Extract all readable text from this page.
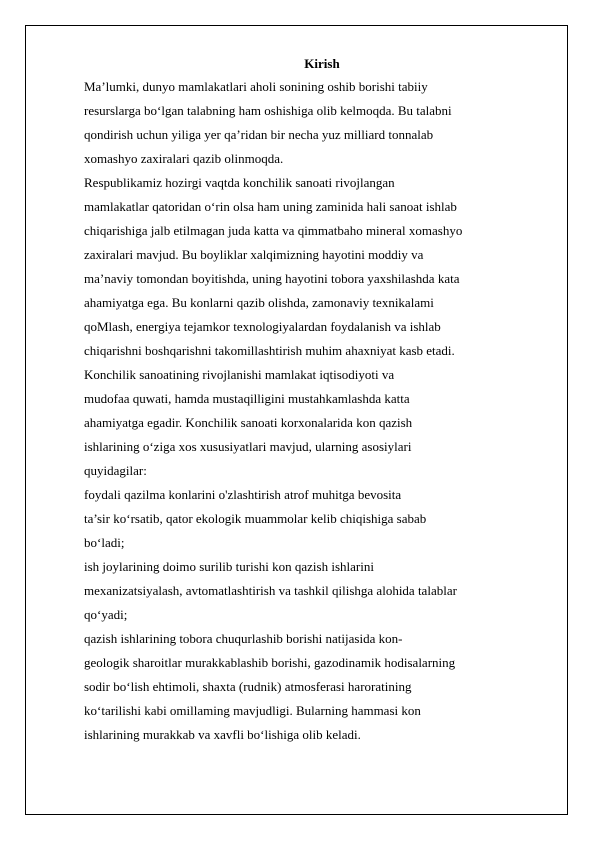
Kirish
Ma’lumki, dunyo mamlakatlari aholi sonining oshib borishi tabiiy
resurslarga bo‘lgan talabning ham oshishiga olib kelmoqda. Bu talabni
qondirish uchun yiliga yer qa’ridan bir necha yuz milliard tonnalab
xomashyo zaxiralari qazib olinmoqda.
Respublikamiz hozirgi vaqtda konchilik sanoati rivojlangan
mamlakatlar qatoridan o‘rin olsa ham uning zaminida hali sanoat ishlab
chiqarishiga jalb etilmagan juda katta va qimmatbaho mineral xomashyo
zaxiralari mavjud. Bu boyliklar xalqimizning hayotini moddiy va
ma’naviy tomondan boyitishda, uning hayotini tobora yaxshilashda kata
ahamiyatga ega. Bu konlarni qazib olishda, zamonaviy texnikalami
qoMlash, energiya tejamkor texnologiyalardan foydalanish va ishlab
chiqarishni boshqarishni takomillashtirish muhim ahaxniyat kasb etadi.
Konchilik sanoatining rivojlanishi mamlakat iqtisodiyoti va
mudofaa quwati, hamda mustaqilligini mustahkamlashda katta
ahamiyatga egadir. Konchilik sanoati korxonalarida kon qazish
ishlarining o‘ziga xos xususiyatlari mavjud, ularning asosiylari
quyidagilar:
foydali qazilma konlarini o'zlashtirish atrof muhitga bevosita
ta’sir ko‘rsatib, qator ekologik muammolar kelib chiqishiga sabab
bo‘ladi;
ish joylarining doimo surilib turishi kon qazish ishlarini
mexanizatsiyalash, avtomatlashtirish va tashkil qilishga alohida talablar
qo‘yadi;
qazish ishlarining tobora chuqurlashib borishi natijasida kon-
geologik sharoitlar murakkablashib borishi, gazodinamik hodisalarning
sodir bo‘lish ehtimoli, shaxta (rudnik) atmosferasi haroratining
ko‘tarilishi kabi omillaming mavjudligi. Bularning hammasi kon
ishlarining murakkab va xavfli bo‘lishiga olib keladi.
